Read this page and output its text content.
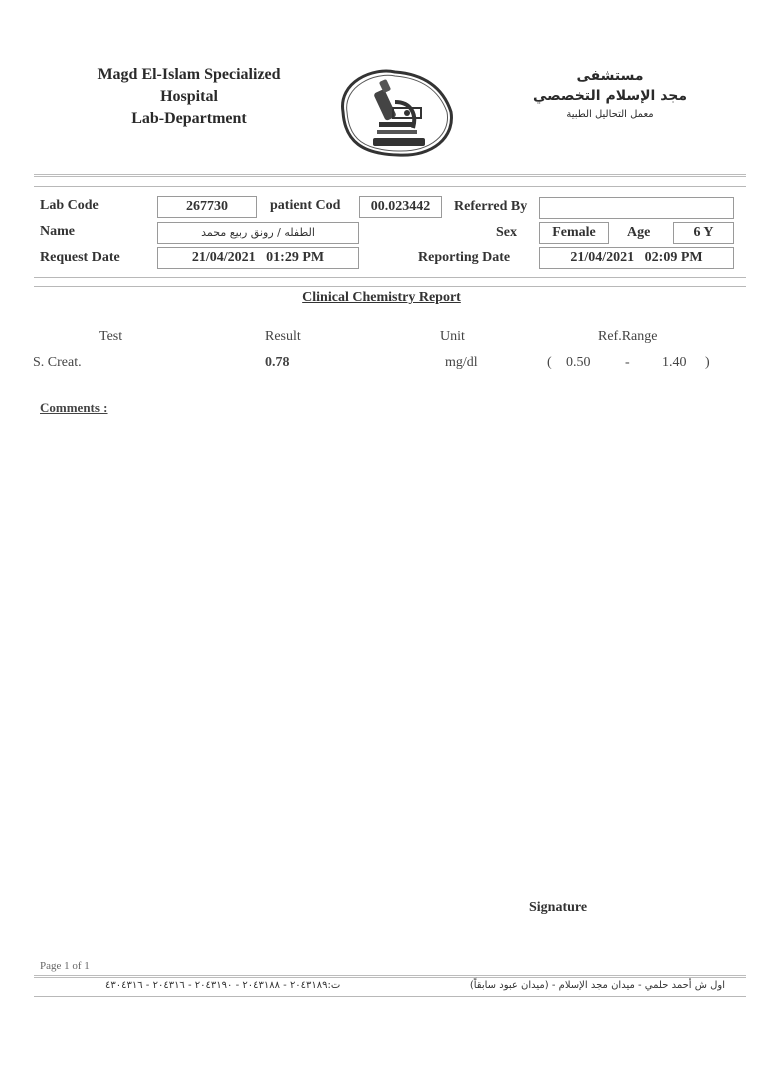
Magd El-Islam Specialized
Hospital
Lab-Department
مستشفى
مجد الإسلام التخصصي
معمل التحاليل الطبية
Lab Code	267730	patient Cod	00.023442	Referred By
Name	الطفله / رونق ربيع محمد	Sex	Female	Age	6 Y
Request Date	21/04/2021   01:29 PM	Reporting Date	21/04/2021   02:09 PM
Clinical Chemistry Report
Test	Result	Unit	Ref.Range
S. Creat.	0.78	mg/dl	( 0.50 - 1.40 )
Comments :
Signature
Page 1 of 1
ت:٢٠٤٣١٨٩ - ٢٠٤٣١٨٨ - ٢٠٤٣١٩٠ - ٢٠٤٣١٦ - ٤٣٠٤٣١٦	اول ش أحمد حلمي - ميدان مجد الإسلام - (ميدان عبود سابقاً)
